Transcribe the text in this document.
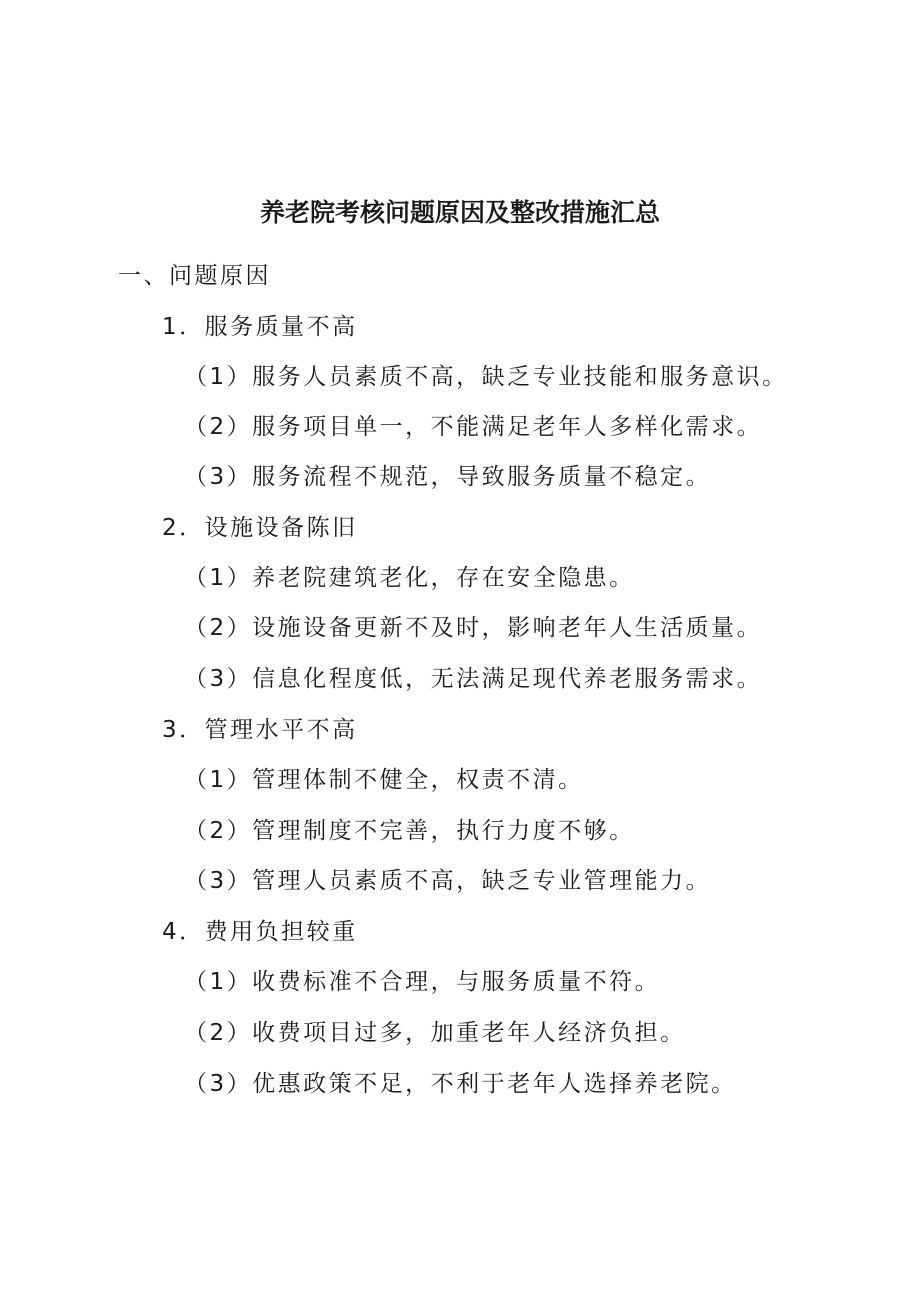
养老院考核问题原因及整改措施汇总

一、问题原因

1．服务质量不高

（1）服务人员素质不高，缺乏专业技能和服务意识。

（2）服务项目单一，不能满足老年人多样化需求。

（3）服务流程不规范，导致服务质量不稳定。

2．设施设备陈旧

（1）养老院建筑老化，存在安全隐患。

（2）设施设备更新不及时，影响老年人生活质量。

（3）信息化程度低，无法满足现代养老服务需求。

3．管理水平不高

（1）管理体制不健全，权责不清。

（2）管理制度不完善，执行力度不够。

（3）管理人员素质不高，缺乏专业管理能力。

4．费用负担较重

（1）收费标准不合理，与服务质量不符。

（2）收费项目过多，加重老年人经济负担。

（3）优惠政策不足，不利于老年人选择养老院。
